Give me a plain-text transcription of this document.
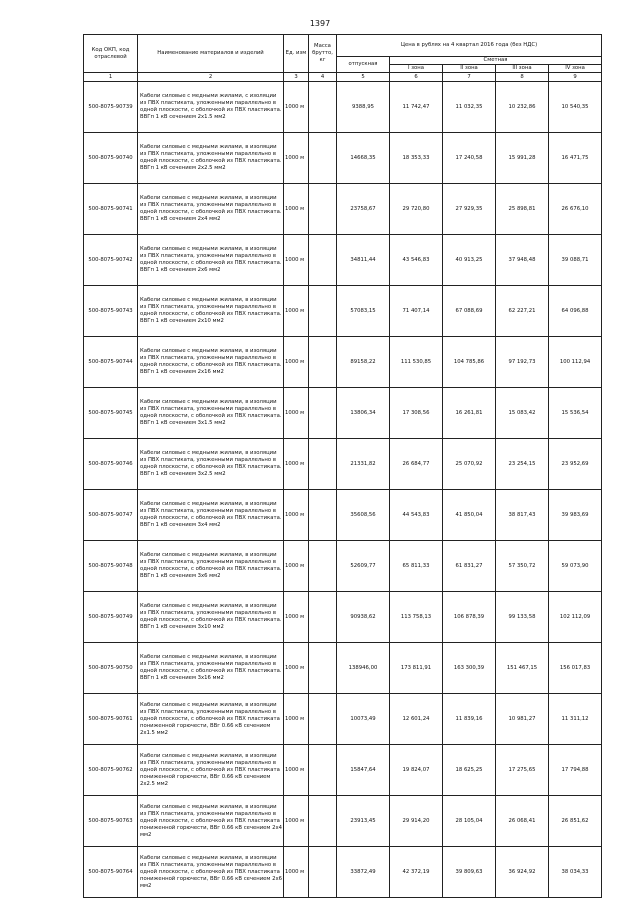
1397
Код ОКП, код отраслевой	Наименование материалов и изделий	Ед. изм	Масса брутто, кг	Цена в рублях на 4 квартал 2016 года (без НДС)				
				отпускная	Сметная			
					I зона	II зона	III зона	IV зона
1	2	3	4	5	6	7	8	9
500-8075-90739	Кабели силовые с медными жилами, с изоляции из ПВХ пластиката, уложенными параллельно в одной плоскости, с оболочкой из ПВХ пластиката. ВВГп 1 кВ сечением 2х1.5 мм2	1000 м		9388,95	11 742,47	11 032,35	10 232,86	10 540,35
500-8075-90740	Кабели силовые с медными жилами, в изоляции из ПВХ пластиката, уложенными параллельно в одной плоскости, с оболочкой из ПВХ пластиката. ВВГп 1 кВ сечением 2х2.5 мм2	1000 м		14668,35	18 353,33	17 240,58	15 991,28	16 471,75
500-8075-90741	Кабели силовые с медными жилами, в изоляции из ПВХ пластиката, уложенными параллельно в одной плоскости, с оболочкой из ПВХ пластиката. ВВГп 1 кВ сечением 2х4 мм2	1000 м		23758,67	29 720,80	27 929,35	25 898,81	26 676,10
500-8075-90742	Кабели силовые с медными жилами, в изоляции из ПВХ пластиката, уложенными параллельно в одной плоскости, с оболочкой из ПВХ пластиката. ВВГп 1 кВ сечением 2х6 мм2	1000 м		34811,44	43 546,83	40 913,25	37 948,48	39 088,71
500-8075-90743	Кабели силовые с медными жилами, в изоляции из ПВХ пластиката, уложенными параллельно в одной плоскости, с оболочкой из ПВХ пластиката. ВВГп 1 кВ сечением 2х10 мм2	1000 м		57083,15	71 407,14	67 088,69	62 227,21	64 096,88
500-8075-90744	Кабели силовые с медными жилами, в изоляции из ПВХ пластиката, уложенными параллельно в одной плоскости, с оболочкой из ПВХ пластиката. ВВГп 1 кВ сечением 2х16 мм2	1000 м		89158,22	111 530,85	104 785,86	97 192,73	100 112,94
500-8075-90745	Кабели силовые с медными жилами, в изоляции из ПВХ пластиката, уложенными параллельно в одной плоскости, с оболочкой из ПВХ пластиката. ВВГп 1 кВ сечением 3х1.5 мм2	1000 м		13806,34	17 308,56	16 261,81	15 083,42	15 536,54
500-8075-90746	Кабели силовые с медными жилами, в изоляции из ПВХ пластиката, уложенными параллельно в одной плоскости, с оболочкой из ПВХ пластиката. ВВГп 1 кВ сечением 3х2.5 мм2	1000 м		21331,82	26 684,77	25 070,92	23 254,15	23 952,69
500-8075-90747	Кабели силовые с медными жилами, в изоляции из ПВХ пластиката, уложенными параллельно в одной плоскости, с оболочкой из ПВХ пластиката. ВВГп 1 кВ сечением 3х4 мм2	1000 м		35608,56	44 543,83	41 850,04	38 817,43	39 983,69
500-8075-90748	Кабели силовые с медными жилами, в изоляции из ПВХ пластиката, уложенными параллельно в одной плоскости, с оболочкой из ПВХ пластиката. ВВГп 1 кВ сечением 3х6 мм2	1000 м		52609,77	65 811,33	61 831,27	57 350,72	59 073,90
500-8075-90749	Кабели силовые с медными жилами, в изоляции из ПВХ пластиката, уложенными параллельно в одной плоскости, с оболочкой из ПВХ пластиката. ВВГп 1 кВ сечением 3х10 мм2	1000 м		90938,62	113 758,13	106 878,39	99 133,58	102 112,09
500-8075-90750	Кабели силовые с медными жилами, в изоляции из ПВХ пластиката, уложенными параллельно в одной плоскости, с оболочкой из ПВХ пластиката. ВВГп 1 кВ сечением 3х16 мм2	1000 м		138946,00	173 811,91	163 300,39	151 467,15	156 017,83
500-8075-90761	Кабели силовые с медными жилами, в изоляции из ПВХ пластиката, уложенными параллельно в одной плоскости, с оболочкой из ПВХ пластиката пониженной горючести, ВВг 0.66 кВ сечением 2х1.5 мм2	1000 м		10073,49	12 601,24	11 839,16	10 981,27	11 311,12
500-8075-90762	Кабели силовые с медными жилами, в изоляции из ПВХ пластиката, уложенными параллельно в одной плоскости, с оболочкой из ПВХ пластиката пониженной горючести, ВВг 0.66 кВ сечением 2х2.5 мм2	1000 м		15847,64	19 824,07	18 625,25	17 275,65	17 794,88
500-8075-90763	Кабели силовые с медными жилами, в изоляции из ПВХ пластиката, уложенными параллельно в одной плоскости, с оболочкой из ПВХ пластиката пониженной горючести, ВВг 0.66 кВ сечением 2х4 мм2	1000 м		23913,45	29 914,20	28 105,04	26 068,41	26 851,62
500-8075-90764	Кабели силовые с медными жилами, в изоляции из ПВХ пластиката, уложенными параллельно в одной плоскости, с оболочкой из ПВХ пластиката пониженной горючести, ВВг 0.66 кВ сечением 2х6 мм2	1000 м		33872,49	42 372,19	39 809,63	36 924,92	38 034,33
